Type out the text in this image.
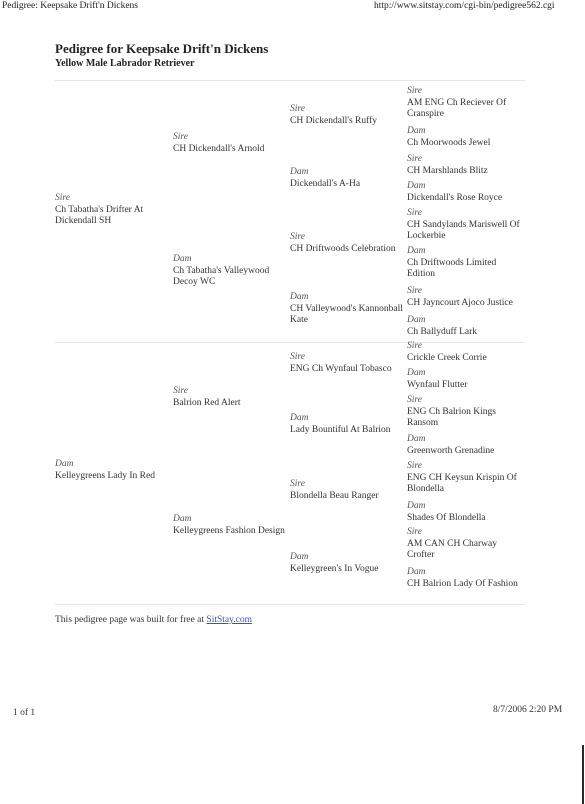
Pedigree: Keepsake Drift'n Dickens	http://www.sitstay.com/cgi-bin/pedigree562.cgi
Pedigree for Keepsake Drift'n Dickens
Yellow Male Labrador Retriever
Sire
Ch Tabatha's Drifter At Dickendall SH
Dam
Kelleygreens Lady In Red
Sire
CH Dickendall's Arnold
Dam
Ch Tabatha's Valleywood Decoy WC
Sire
Balrion Red Alert
Dam
Kelleygreens Fashion Design
Sire
CH Dickendall's Ruffy
Dam
Dickendall's A-Ha
Sire
CH Driftwoods Celebration
Dam
CH Valleywood's Kannonball Kate
Sire
ENG Ch Wynfaul Tobasco
Dam
Lady Bountiful At Balrion
Sire
Blondella Beau Ranger
Dam
Kelleygreen's In Vogue
Sire
AM ENG Ch Reciever Of Cranspire
Dam
Ch Moorwoods Jewel
Sire
CH Marshlands Blitz
Dam
Dickendall's Rose Royce
Sire
CH Sandylands Mariswell Of Lockerbie
Dam
Ch Driftwoods Limited Edition
Sire
CH Jayncourt Ajoco Justice
Dam
Ch Ballyduff Lark
Sire
Crickle Creek Corrie
Dam
Wynfaul Flutter
Sire
ENG Ch Balrion Kings Ransom
Dam
Greenworth Grenadine
Sire
ENG CH Keysun Krispin Of Blondella
Dam
Shades Of Blondella
Sire
AM CAN CH Charway Crofter
Dam
CH Balrion Lady Of Fashion
This pedigree page was built for free at SitStay.com
1 of 1	8/7/2006 2:20 PM
